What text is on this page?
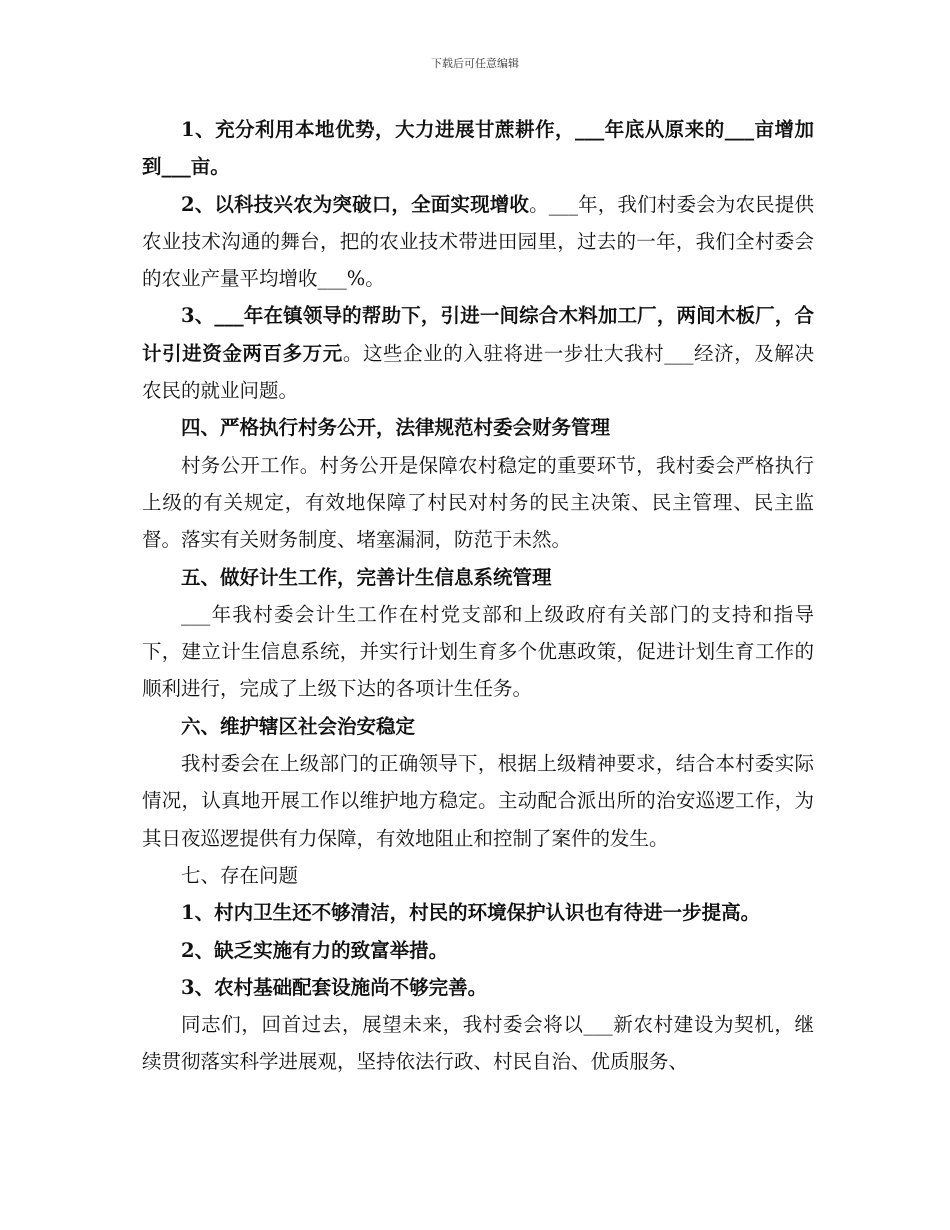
下载后可任意编辑

1、充分利用本地优势，大力进展甘蔗耕作，___年底从原来的___亩增加到___亩。

2、以科技兴农为突破口，全面实现增收。___年，我们村委会为农民提供农业技术沟通的舞台，把的农业技术带进田园里，过去的一年，我们全村委会的农业产量平均增收___%。

3、___年在镇领导的帮助下，引进一间综合木料加工厂，两间木板厂，合计引进资金两百多万元。这些企业的入驻将进一步壮大我村___经济，及解决农民的就业问题。

四、严格执行村务公开，法律规范村委会财务管理

村务公开工作。村务公开是保障农村稳定的重要环节，我村委会严格执行上级的有关规定，有效地保障了村民对村务的民主决策、民主管理、民主监督。落实有关财务制度、堵塞漏洞，防范于未然。

五、做好计生工作，完善计生信息系统管理

___年我村委会计生工作在村党支部和上级政府有关部门的支持和指导下，建立计生信息系统，并实行计划生育多个优惠政策，促进计划生育工作的顺利进行，完成了上级下达的各项计生任务。

六、维护辖区社会治安稳定

我村委会在上级部门的正确领导下，根据上级精神要求，结合本村委实际情况，认真地开展工作以维护地方稳定。主动配合派出所的治安巡逻工作，为其日夜巡逻提供有力保障，有效地阻止和控制了案件的发生。

七、存在问题

1、村内卫生还不够清洁，村民的环境保护认识也有待进一步提高。

2、缺乏实施有力的致富举措。

3、农村基础配套设施尚不够完善。

同志们，回首过去，展望未来，我村委会将以___新农村建设为契机，继续贯彻落实科学进展观，坚持依法行政、村民自治、优质服务、
